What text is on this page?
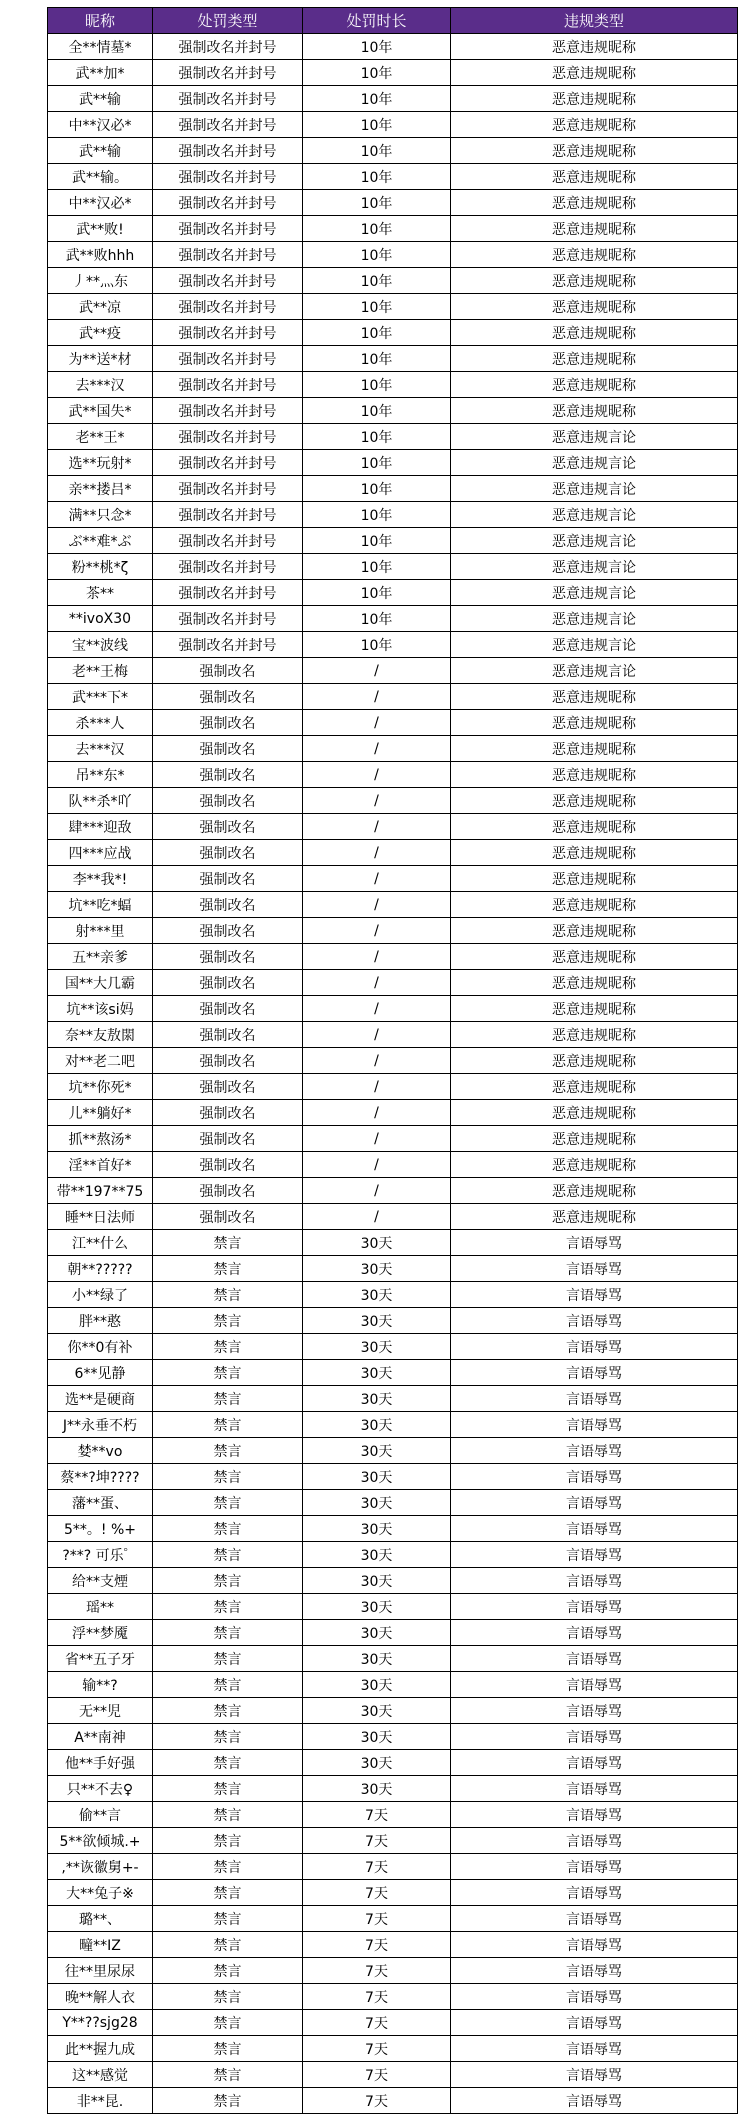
昵称	处罚类型	处罚时长	违规类型
全**情墓*	强制改名并封号	10年	恶意违规昵称
武**加*	强制改名并封号	10年	恶意违规昵称
武**输	强制改名并封号	10年	恶意违规昵称
中**汉必*	强制改名并封号	10年	恶意违规昵称
武**输	强制改名并封号	10年	恶意违规昵称
武**输。	强制改名并封号	10年	恶意违规昵称
中**汉必*	强制改名并封号	10年	恶意违规昵称
武**败!	强制改名并封号	10年	恶意违规昵称
武**败hhh	强制改名并封号	10年	恶意违规昵称
丿**灬东	强制改名并封号	10年	恶意违规昵称
武**凉	强制改名并封号	10年	恶意违规昵称
武**疫	强制改名并封号	10年	恶意违规昵称
为**送*材	强制改名并封号	10年	恶意违规昵称
去***汉	强制改名并封号	10年	恶意违规昵称
武**国失*	强制改名并封号	10年	恶意违规昵称
老**王*	强制改名并封号	10年	恶意违规言论
选**玩射*	强制改名并封号	10年	恶意违规言论
亲**搂吕*	强制改名并封号	10年	恶意违规言论
满**只念*	强制改名并封号	10年	恶意违规言论
ぶ**难*ぶ	强制改名并封号	10年	恶意违规言论
粉**桃*ζ	强制改名并封号	10年	恶意违规言论
茶**	强制改名并封号	10年	恶意违规言论
**ivoX30	强制改名并封号	10年	恶意违规言论
宝**波线	强制改名并封号	10年	恶意违规言论
老**王梅	强制改名	/	恶意违规言论
武***下*	强制改名	/	恶意违规昵称
杀***人	强制改名	/	恶意违规昵称
去***汉	强制改名	/	恶意违规昵称
吊**东*	强制改名	/	恶意违规昵称
队**杀*吖	强制改名	/	恶意违规昵称
肆***迎敌	强制改名	/	恶意违规昵称
四***应战	强制改名	/	恶意违规昵称
李**我*!	强制改名	/	恶意违规昵称
坑**吃*蝠	强制改名	/	恶意违规昵称
射***里	强制改名	/	恶意违规昵称
五**亲爹	强制改名	/	恶意违规昵称
国**大几霸	强制改名	/	恶意违规昵称
坑**该si妈	强制改名	/	恶意违规昵称
奈**友敖閖	强制改名	/	恶意违规昵称
对**老二吧	强制改名	/	恶意违规昵称
坑**你死*	强制改名	/	恶意违规昵称
儿**躺好*	强制改名	/	恶意违规昵称
抓**熬汤*	强制改名	/	恶意违规昵称
淫**首好*	强制改名	/	恶意违规昵称
带**197**75	强制改名	/	恶意违规昵称
睡**日法师	强制改名	/	恶意违规昵称
江**什么	禁言	30天	言语辱骂
朝**?????	禁言	30天	言语辱骂
小**绿了	禁言	30天	言语辱骂
胖**憨	禁言	30天	言语辱骂
你**0有补	禁言	30天	言语辱骂
6**见静	禁言	30天	言语辱骂
选**是硬商	禁言	30天	言语辱骂
J**永垂不朽	禁言	30天	言语辱骂
婪**vo	禁言	30天	言语辱骂
蔡**?坤????	禁言	30天	言语辱骂
藩**蛋、	禁言	30天	言语辱骂
5**。! %+	禁言	30天	言语辱骂
?**? 可乐゜	禁言	30天	言语辱骂
给**支煙	禁言	30天	言语辱骂
瑶**	禁言	30天	言语辱骂
浮**梦魇	禁言	30天	言语辱骂
省**五子牙	禁言	30天	言语辱骂
输**?	禁言	30天	言语辱骂
无**児	禁言	30天	言语辱骂
A**南神	禁言	30天	言语辱骂
他**手好强	禁言	30天	言语辱骂
只**不去♀	禁言	30天	言语辱骂
偷**言	禁言	7天	言语辱骂
5**欲倾城.+	禁言	7天	言语辱骂
,**诙徽舅+-	禁言	7天	言语辱骂
大**兔子※	禁言	7天	言语辱骂
璐**、	禁言	7天	言语辱骂
疃**IZ	禁言	7天	言语辱骂
往**里尿尿	禁言	7天	言语辱骂
晚**解人衣	禁言	7天	言语辱骂
Y**??sjg28	禁言	7天	言语辱骂
此**握九成	禁言	7天	言语辱骂
这**感觉	禁言	7天	言语辱骂
非**昆.	禁言	7天	言语辱骂
